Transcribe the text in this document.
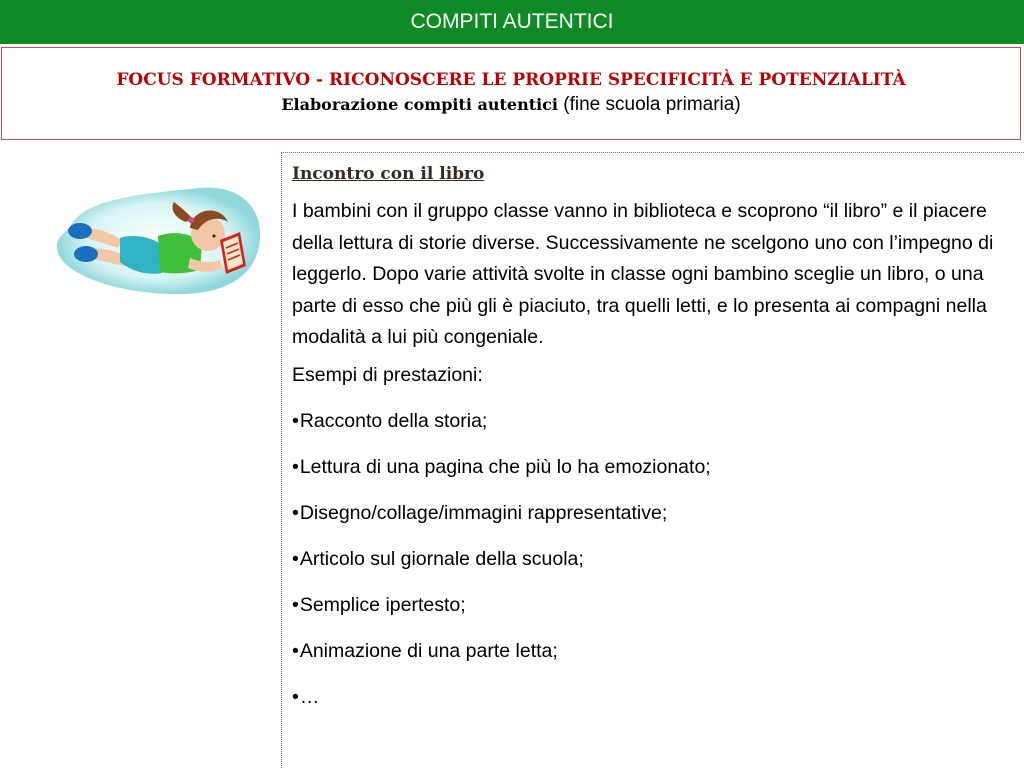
COMPITI AUTENTICI
FOCUS FORMATIVO - RICONOSCERE LE PROPRIE SPECIFICITÀ E POTENZIALITÀ
Elaborazione compiti autentici (fine scuola primaria)
Incontro con il libro

I bambini con il gruppo classe vanno in biblioteca e scoprono “il libro” e il piacere della lettura di storie diverse. Successivamente ne scelgono uno con l’impegno di leggerlo. Dopo varie attività svolte in classe ogni bambino sceglie un libro, o una parte di esso che più gli è piaciuto, tra quelli letti, e lo presenta ai compagni nella modalità a lui più congeniale.

Esempi di prestazioni:

•Racconto della storia;
•Lettura di una pagina che più lo ha emozionato;
•Disegno/collage/immagini rappresentative;
•Articolo sul giornale della scuola;
•Semplice ipertesto;
•Animazione di una parte letta;
•…
